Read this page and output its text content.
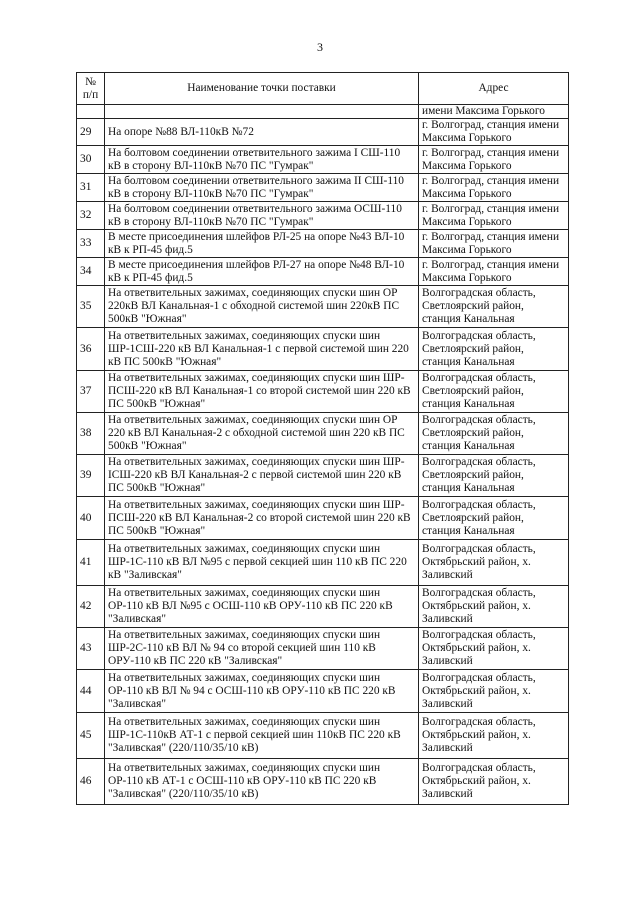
3
№
п/п	Наименование точки поставки	Адрес
		имени Максима Горького
29	На опоре №88 ВЛ-110кВ №72	г. Волгоград, станция имени Максима Горького
30	На болтовом соединении ответвительного зажима I СШ-110 кВ в сторону ВЛ-110кВ №70 ПС "Гумрак"	г. Волгоград, станция имени Максима Горького
31	На болтовом соединении ответвительного зажима II СШ-110 кВ в сторону ВЛ-110кВ №70 ПС "Гумрак"	г. Волгоград, станция имени Максима Горького
32	На болтовом соединении ответвительного зажима ОСШ-110 кВ в сторону ВЛ-110кВ №70 ПС "Гумрак"	г. Волгоград, станция имени Максима Горького
33	В месте присоединения шлейфов РЛ-25 на опоре №43 ВЛ-10 кВ к РП-45 фид.5	г. Волгоград, станция имени Максима Горького
34	В месте присоединения шлейфов РЛ-27 на опоре №48 ВЛ-10 кВ к РП-45 фид.5	г. Волгоград, станция имени Максима Горького
35	На ответвительных зажимах, соединяющих спуски шин ОР 220кВ ВЛ Канальная-1 с обходной системой шин 220кВ ПС 500кВ "Южная"	Волгоградская область, Светлоярский район, станция Канальная
36	На ответвительных зажимах, соединяющих спуски шин ШР-1СШ-220 кВ ВЛ Канальная-1 с первой системой шин 220 кВ ПС 500кВ "Южная"	Волгоградская область, Светлоярский район, станция Канальная
37	На ответвительных зажимах, соединяющих спуски шин ШР-ПСШ-220 кВ ВЛ Канальная-1 со второй системой шин 220 кВ ПС 500кВ "Южная"	Волгоградская область, Светлоярский район, станция Канальная
38	На ответвительных зажимах, соединяющих спуски шин ОР 220 кВ ВЛ Канальная-2 с обходной системой шин 220 кВ ПС 500кВ "Южная"	Волгоградская область, Светлоярский район, станция Канальная
39	На ответвительных зажимах, соединяющих спуски шин ШР-ІСШ-220 кВ ВЛ Канальная-2 с первой системой шин 220 кВ ПС 500кВ "Южная"	Волгоградская область, Светлоярский район, станция Канальная
40	На ответвительных зажимах, соединяющих спуски шин ШР-ПСШ-220 кВ ВЛ Канальная-2 со второй системой шин 220 кВ ПС 500кВ "Южная"	Волгоградская область, Светлоярский район, станция Канальная
41	На ответвительных зажимах, соединяющих спуски шин ШР-1С-110 кВ ВЛ №95 с первой секцией шин 110 кВ ПС 220 кВ "Заливская"	Волгоградская область, Октябрьский район, х. Заливский
42	На ответвительных зажимах, соединяющих спуски шин ОР-110 кВ ВЛ №95 с ОСШ-110 кВ ОРУ-110 кВ ПС 220 кВ "Заливская"	Волгоградская область, Октябрьский район, х. Заливский
43	На ответвительных зажимах, соединяющих спуски шин ШР-2С-110 кВ ВЛ № 94 со второй секцией шин 110 кВ ОРУ-110 кВ ПС 220 кВ "Заливская"	Волгоградская область, Октябрьский район, х. Заливский
44	На ответвительных зажимах, соединяющих спуски шин ОР-110 кВ ВЛ № 94 с ОСШ-110 кВ ОРУ-110 кВ ПС 220 кВ "Заливская"	Волгоградская область, Октябрьский район, х. Заливский
45	На ответвительных зажимах, соединяющих спуски шин ШР-1С-110кВ АТ-1 с первой секцией шин 110кВ ПС 220 кВ "Заливская" (220/110/35/10 кВ)	Волгоградская область, Октябрьский район, х. Заливский
46	На ответвительных зажимах, соединяющих спуски шин ОР-110 кВ АТ-1 с ОСШ-110 кВ ОРУ-110 кВ ПС 220 кВ "Заливская" (220/110/35/10 кВ)	Волгоградская область, Октябрьский район, х. Заливский
